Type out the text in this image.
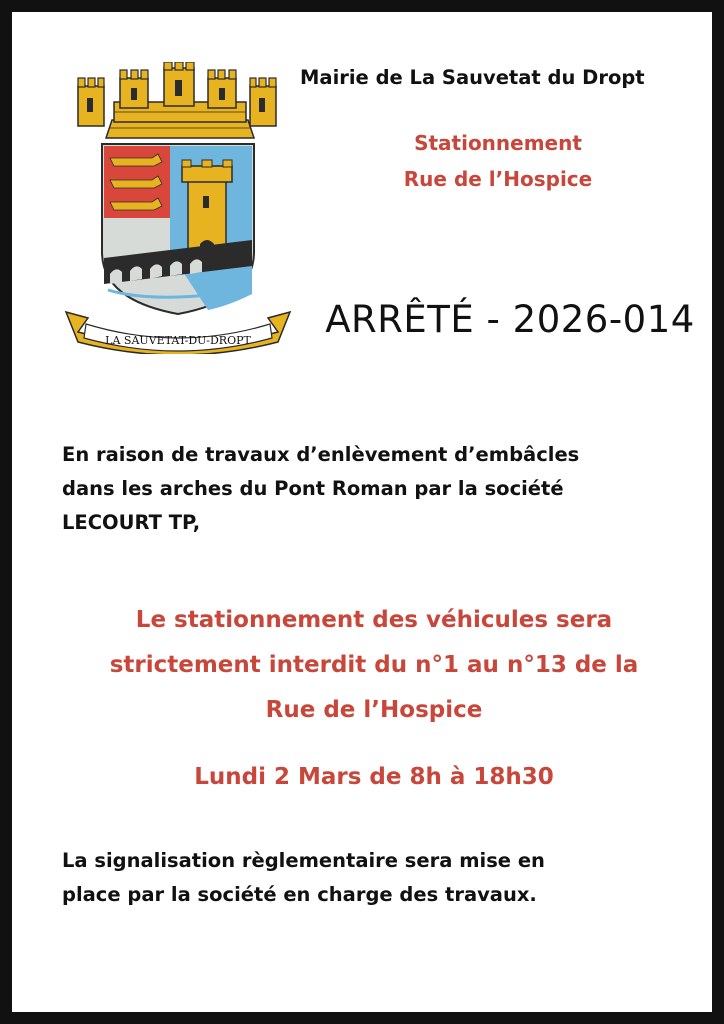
LA SAUVETAT-DU-DROPT
Mairie de La Sauvetat du Dropt
Stationnement
Rue de l’Hospice
ARRÊTÉ - 2026-014
En raison de travaux d’enlèvement d’embâcles
dans les arches du Pont Roman par la société
LECOURT TP,
Le stationnement des véhicules sera
strictement interdit du n°1 au n°13 de la
Rue de l’Hospice
Lundi 2 Mars de 8h à 18h30
La signalisation règlementaire sera mise en
place par la société en charge des travaux.
